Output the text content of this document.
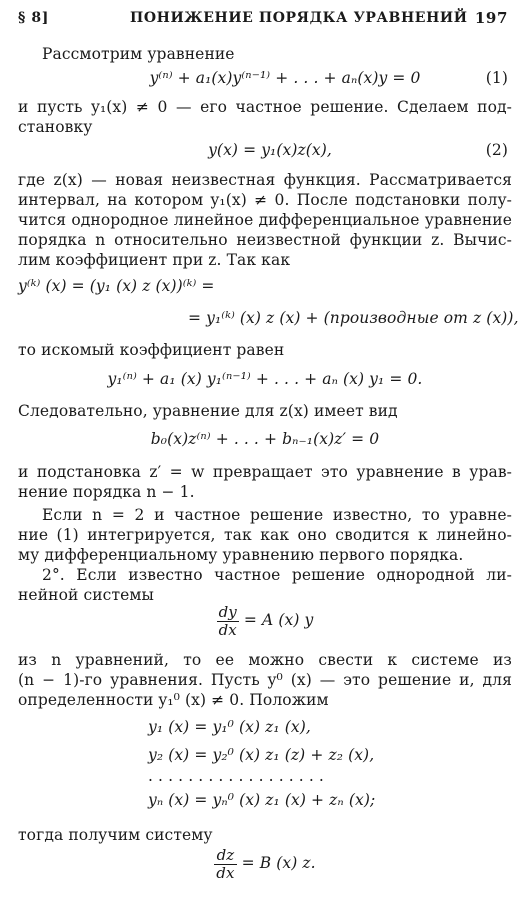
§ 8]	ПОНИЖЕНИЕ ПОРЯДКА УРАВНЕНИЙ 197
Рассмотрим уравнение
y⁽ⁿ⁾ + a₁(x)y⁽ⁿ⁻¹⁾ + . . . + aₙ(x)y = 0	(1)
и пусть y₁(x) ≠ 0 — его частное решение. Сделаем под-
становку
y(x) = y₁(x)z(x),	(2)
где z(x) — новая неизвестная функция. Рассматривается
интервал, на котором y₁(x) ≠ 0. После подстановки полу-
чится однородное линейное дифференциальное уравнение
порядка n относительно неизвестной функции z. Вычис-
лим коэффициент при z. Так как
y⁽ᵏ⁾ (x) = (y₁ (x) z (x))⁽ᵏ⁾ =
= y₁⁽ᵏ⁾ (x) z (x) + (производные от z (x)),
то искомый коэффициент равен
y₁⁽ⁿ⁾ + a₁ (x) y₁⁽ⁿ⁻¹⁾ + . . . + aₙ (x) y₁ = 0.
Следовательно, уравнение для z(x) имеет вид
b₀(x)z⁽ⁿ⁾ + . . . + bₙ₋₁(x)z′ = 0
и подстановка z′ = w превращает это уравнение в урав-
нение порядка n − 1.
Если n = 2 и частное решение известно, то уравне-
ние (1) интегрируется, так как оно сводится к линейно-
му дифференциальному уравнению первого порядка.
2°. Если известно частное решение однородной ли-
нейной системы
$\frac{dy}{dx} = A$ (x) y
из n уравнений, то ее можно свести к системе из
(n − 1)-го уравнения. Пусть y⁰ (x) — это решение и, для
определенности y₁⁰ (x) ≠ 0. Положим
y₁ (x) = y₁⁰ (x) z₁ (x),
y₂ (x) = y₂⁰ (x) z₁ (z) + z₂ (x),
. . . . . . . . . . . . . . . . . .
yₙ (x) = yₙ⁰ (x) z₁ (x) + zₙ (x);
тогда получим систему
$\frac{dz}{dx} = B$ (x) z.
